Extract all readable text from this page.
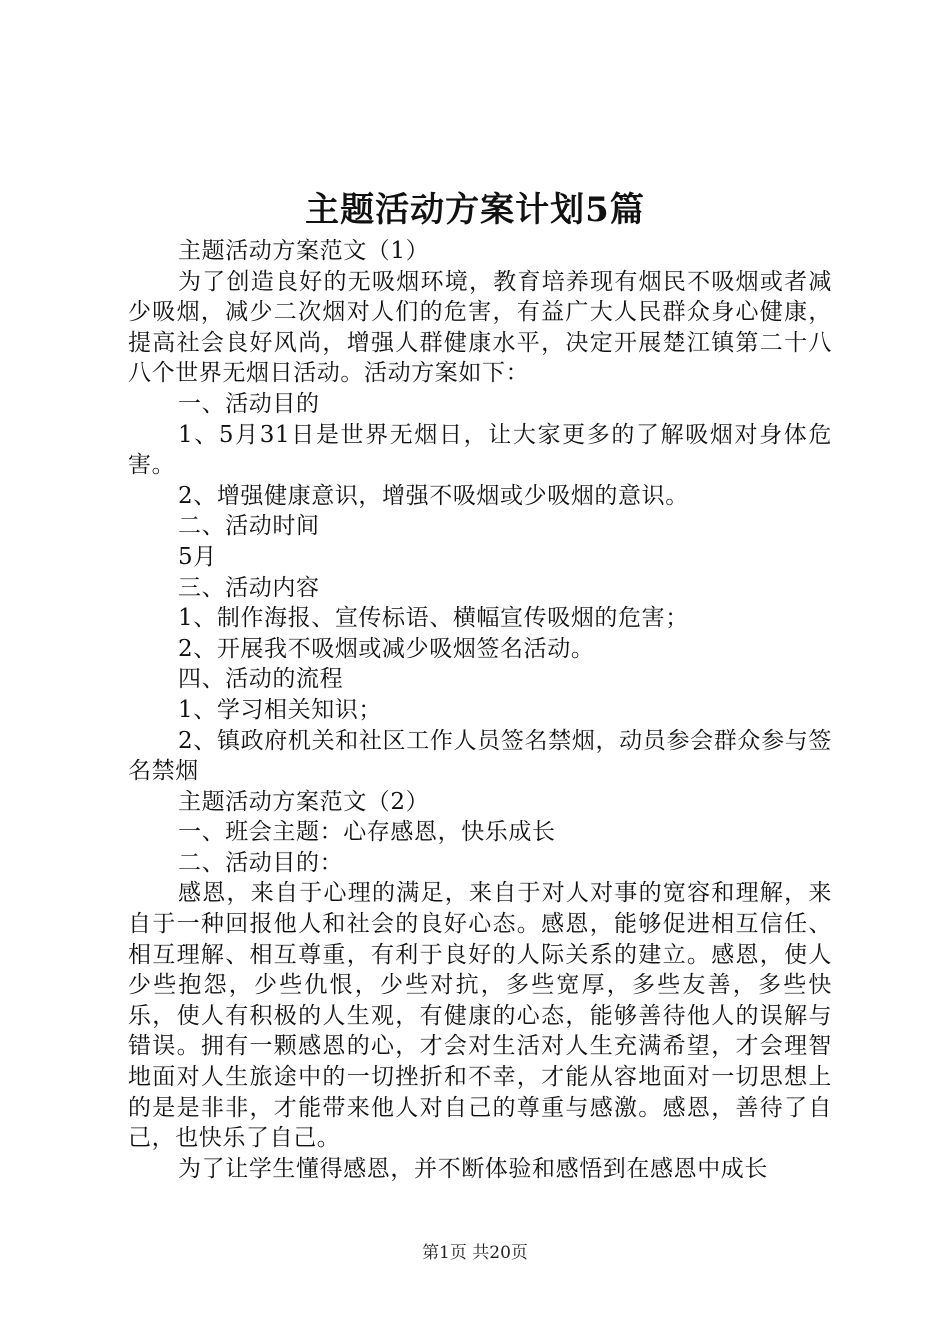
主题活动方案计划5篇

主题活动方案范文（1）

为了创造良好的无吸烟环境，教育培养现有烟民不吸烟或者减少吸烟，减少二次烟对人们的危害，有益广大人民群众身心健康，提高社会良好风尚，增强人群健康水平，决定开展楚江镇第二十八八个世界无烟日活动。活动方案如下：

一、活动目的

1、5月31日是世界无烟日，让大家更多的了解吸烟对身体危害。

2、增强健康意识，增强不吸烟或少吸烟的意识。

二、活动时间

5月

三、活动内容

1、制作海报、宣传标语、横幅宣传吸烟的危害；

2、开展我不吸烟或减少吸烟签名活动。

四、活动的流程

1、学习相关知识；

2、镇政府机关和社区工作人员签名禁烟，动员参会群众参与签名禁烟

主题活动方案范文（2）

一、班会主题：心存感恩，快乐成长

二、活动目的：

感恩，来自于心理的满足，来自于对人对事的宽容和理解，来自于一种回报他人和社会的良好心态。感恩，能够促进相互信任、相互理解、相互尊重，有利于良好的人际关系的建立。感恩，使人少些抱怨，少些仇恨，少些对抗，多些宽厚，多些友善，多些快乐，使人有积极的人生观，有健康的心态，能够善待他人的误解与错误。拥有一颗感恩的心，才会对生活对人生充满希望，才会理智地面对人生旅途中的一切挫折和不幸，才能从容地面对一切思想上的是是非非，才能带来他人对自己的尊重与感激。感恩，善待了自己，也快乐了自己。

为了让学生懂得感恩，并不断体验和感悟到在感恩中成长

第1页 共20页
